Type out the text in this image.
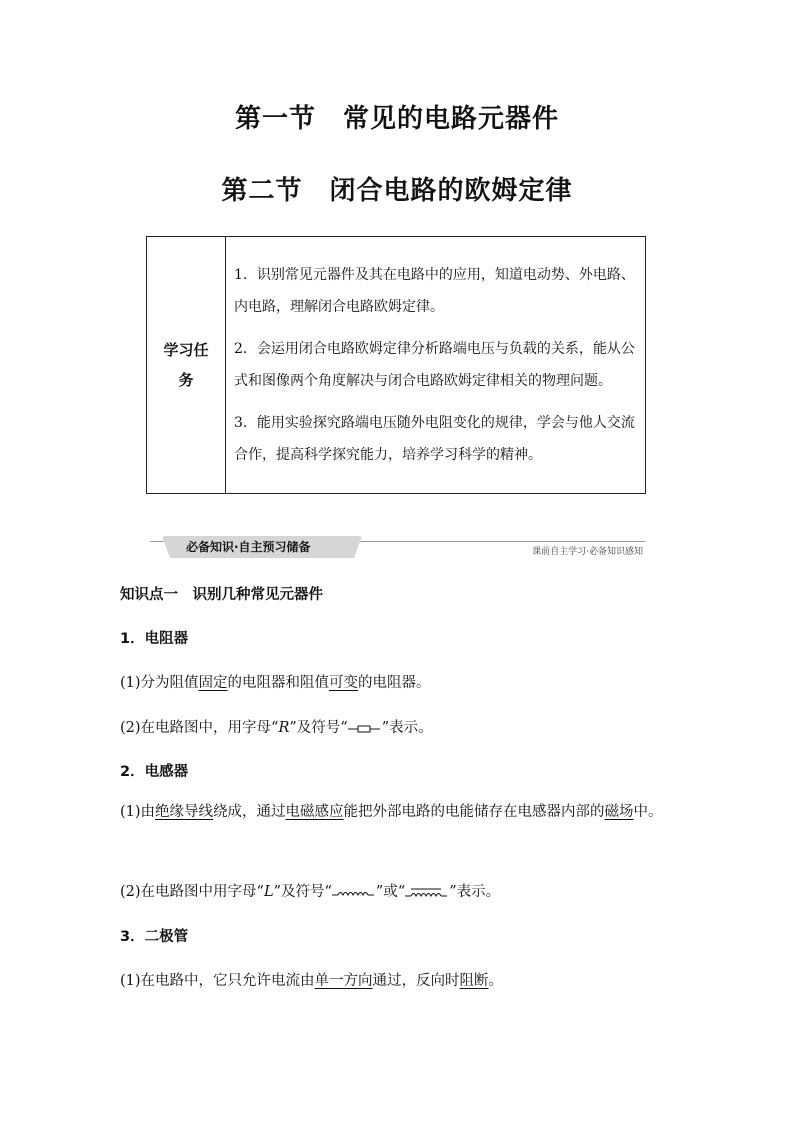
第一节　常见的电路元器件
第二节　闭合电路的欧姆定律
学习任务	

1．识别常见元器件及其在电路中的应用，知道电动势、外电路、内电路，理解闭合电路欧姆定律。

2．会运用闭合电路欧姆定律分析路端电压与负载的关系，能从公式和图像两个角度解决与闭合电路欧姆定律相关的物理问题。

3．能用实验探究路端电压随外电阻变化的规律，学会与他人交流合作，提高科学探究能力，培养学习科学的精神。

必备知识·自主预习储备	课前自主学习·必备知识感知

知识点一　识别几种常见元器件

1．电阻器

(1)分为阻值固定的电阻器和阻值可变的电阻器。

(2)在电路图中，用字母“R”及符号“ ”表示。

2．电感器

(1)由绝缘导线绕成，通过电磁感应能把外部电路的电能储存在电感器内部的磁场中。

(2)在电路图中用字母“L”及符号“	”或“	”表示。

3．二极管

(1)在电路中，它只允许电流由单一方向通过，反向时阻断。
